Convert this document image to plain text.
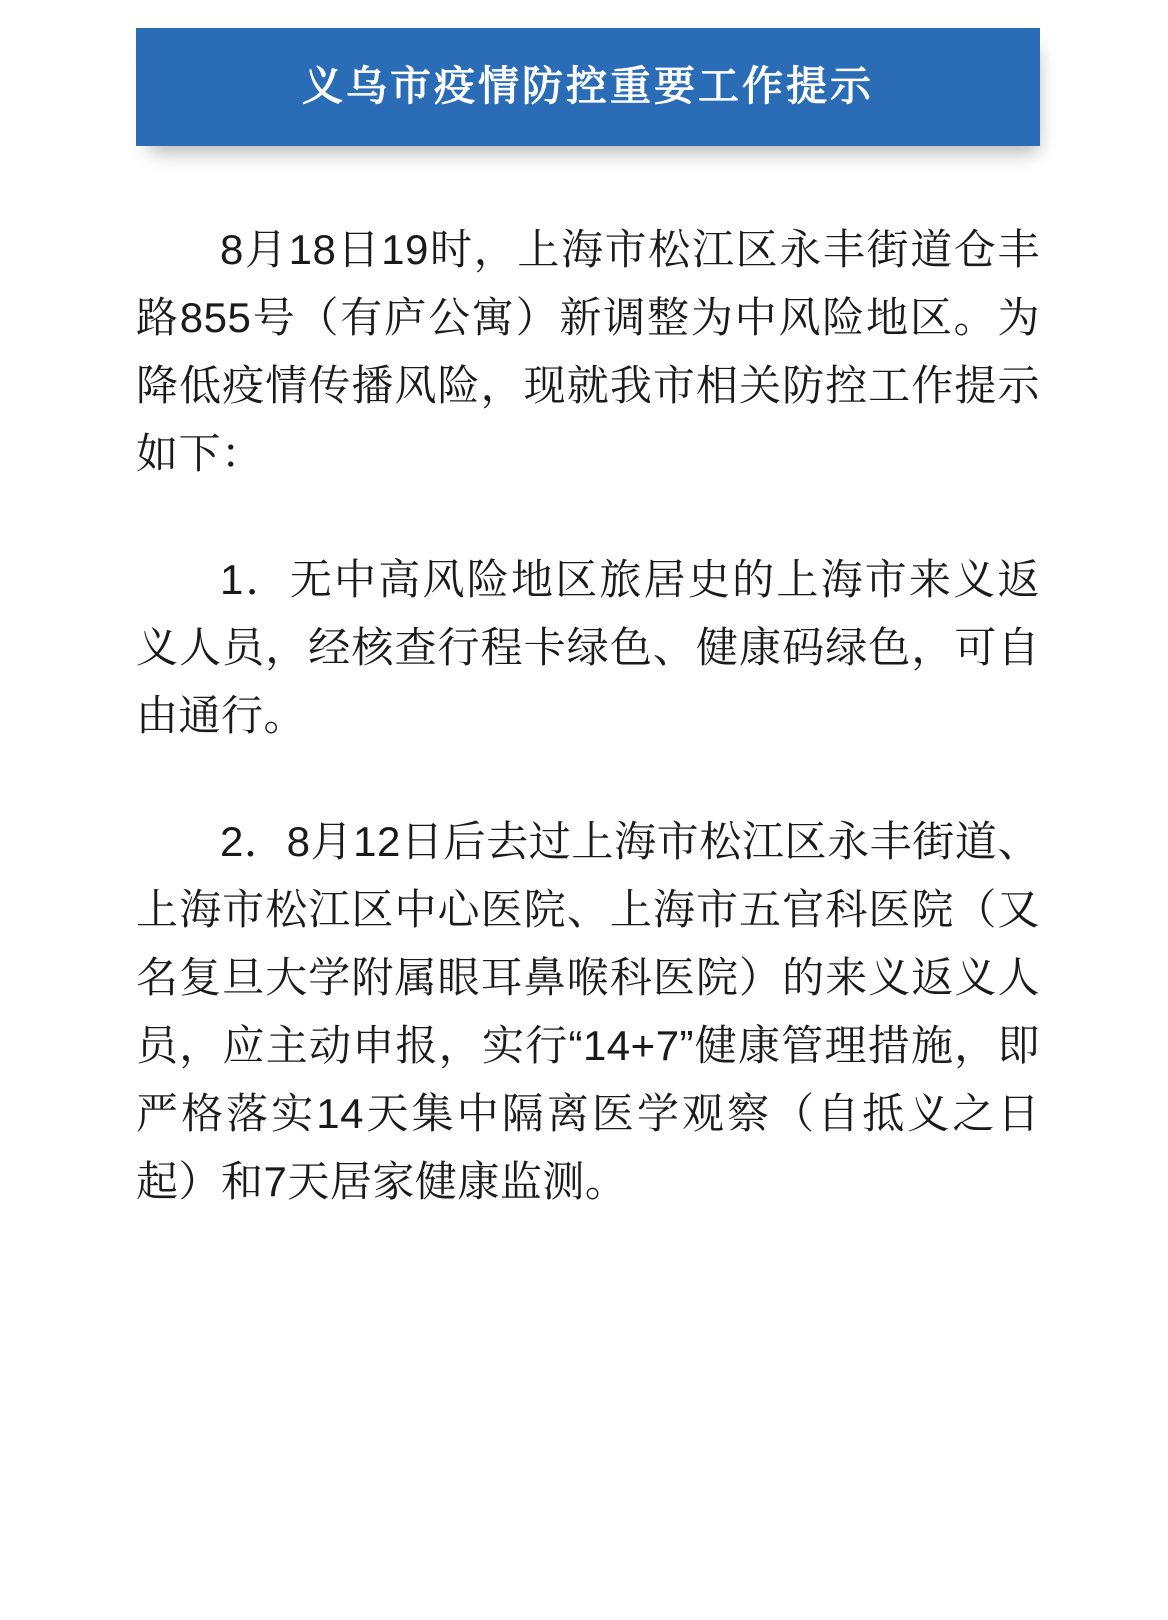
义乌市疫情防控重要工作提示

8月18日19时，上海市松江区永丰街道仓丰路855号（有庐公寓）新调整为中风险地区。为降低疫情传播风险，现就我市相关防控工作提示如下：

1．无中高风险地区旅居史的上海市来义返义人员，经核查行程卡绿色、健康码绿色，可自由通行。

2．8月12日后去过上海市松江区永丰街道、上海市松江区中心医院、上海市五官科医院（又名复旦大学附属眼耳鼻喉科医院）的来义返义人员，应主动申报，实行“14+7”健康管理措施，即严格落实14天集中隔离医学观察（自抵义之日起）和7天居家健康监测。
